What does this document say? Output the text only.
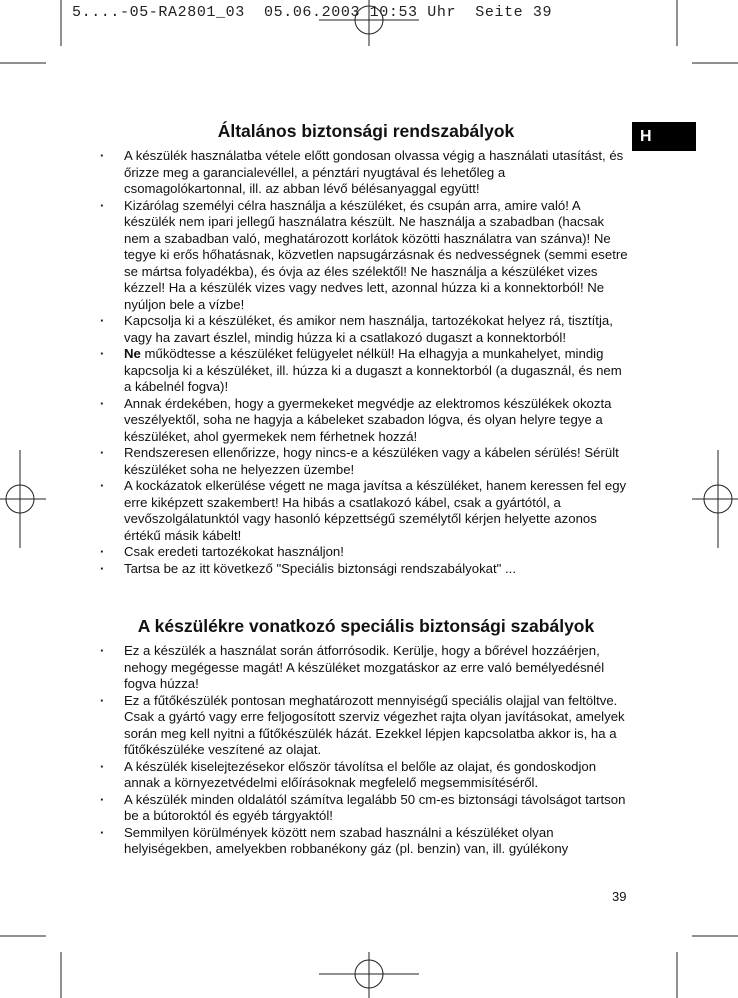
5....-05-RA2801_03  05.06.2003 10:53 Uhr  Seite 39
H
Általános biztonsági rendszabályok
· A készülék használatba vétele előtt gondosan olvassa végig a használati utasítást, és őrizze meg a garancialevéllel, a pénztári nyugtával és lehetőleg a csomagolókartonnal, ill. az abban lévő bélésanyaggal együtt!
· Kizárólag személyi célra használja a készüléket, és csupán arra, amire való! A készülék nem ipari jellegű használatra készült. Ne használja a szabadban (hacsak nem a szabadban való, meghatározott korlátok közötti használatra van szánva)! Ne tegye ki erős hőhatásnak, közvetlen napsugárzásnak és nedvességnek (semmi esetre se mártsa folyadékba), és óvja az éles szélektől! Ne használja a készüléket vizes kézzel! Ha a készülék vizes vagy nedves lett, azonnal húzza ki a konnektorból! Ne nyúljon bele a vízbe!
· Kapcsolja ki a készüléket, és amikor nem használja, tartozékokat helyez rá, tisztítja, vagy ha zavart észlel, mindig húzza ki a csatlakozó dugaszt a konnektorból!
· Ne működtesse a készüléket felügyelet nélkül! Ha elhagyja a munkahelyet, mindig kapcsolja ki a készüléket, ill. húzza ki a dugaszt a konnektorból (a dugasznál, és nem a kábelnél fogva)!
· Annak érdekében, hogy a gyermekeket megvédje az elektromos készülékek okozta veszélyektől, soha ne hagyja a kábeleket szabadon lógva, és olyan helyre tegye a készüléket, ahol gyermekek nem férhetnek hozzá!
· Rendszeresen ellenőrizze, hogy nincs-e a készüléken vagy a kábelen sérülés! Sérült készüléket soha ne helyezzen üzembe!
· A kockázatok elkerülése végett ne maga javítsa a készüléket, hanem keressen fel egy erre kiképzett szakembert! Ha hibás a csatlakozó kábel, csak a gyártótól, a vevőszolgálatunktól vagy hasonló képzettségű személytől kérjen helyette azonos értékű másik kábelt!
· Csak eredeti tartozékokat használjon!
· Tartsa be az itt következő "Speciális biztonsági rendszabályokat" ...
A készülékre vonatkozó speciális biztonsági szabályok
· Ez a készülék a használat során átforrósodik. Kerülje, hogy a bőrével hozzáérjen, nehogy megégesse magát! A készüléket mozgatáskor az erre való bemélyedésnél fogva húzza!
· Ez a fűtőkészülék pontosan meghatározott mennyiségű speciális olajjal van feltöltve. Csak a gyártó vagy erre feljogosított szerviz végezhet rajta olyan javításokat, amelyek során meg kell nyitni a fűtőkészülék házát. Ezekkel lépjen kapcsolatba akkor is, ha a fűtőkészüléke veszítené az olajat.
· A készülék kiselejtezésekor először távolítsa el belőle az olajat, és gondoskodjon annak a környezetvédelmi előírásoknak megfelelő megsemmisítéséről.
· A készülék minden oldalától számítva legalább 50 cm-es biztonsági távolságot tartson be a bútoroktól és egyéb tárgyaktól!
· Semmilyen körülmények között nem szabad használni a készüléket olyan helyiségekben, amelyekben robbanékony gáz (pl. benzin) van, ill. gyúlékony
39
